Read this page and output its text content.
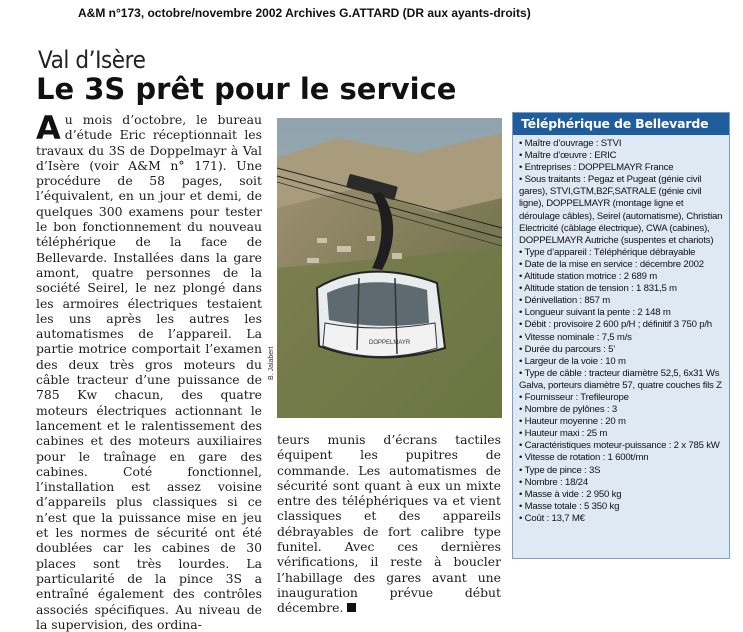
A&M n°173, octobre/novembre 2002 Archives G.ATTARD (DR aux ayants-droits)
Val d’Isère
Le 3S prêt pour le service
Au mois d’octobre, le bureau d’étude Eric réceptionnait les travaux du 3S de Doppelmayr à Val d’Isère (voir A&M n° 171). Une procédure de 58 pages, soit l’équivalent, en un jour et demi, de quelques 300 examens pour tester le bon fonctionnement du nouveau téléphérique de la face de Bellevarde. Installées dans la gare amont, quatre personnes de la société Seirel, le nez plongé dans les armoires électriques testaient les uns après les autres les automatismes de l’appareil. La partie motrice comportait l’examen des deux très gros moteurs du câble tracteur d’une puissance de 785 Kw chacun, des quatre moteurs électriques actionnant le lancement et le ralentissement des cabines et des moteurs auxiliaires pour le traînage en gare des cabines. Coté fonctionnel, l’installation est assez voisine d’appareils plus classiques si ce n’est que la puissance mise en jeu et les normes de sécurité ont été doublées car les cabines de 30 places sont très lourdes. La particularité de la pince 3S a entraîné également des contrôles associés spécifiques. Au niveau de la supervision, des ordina-
DOPPELMAYR
B. Jalabert
teurs munis d’écrans tactiles équipent les pupitres de commande. Les automatismes de sécurité sont quant à eux un mixte entre des téléphériques va et vient classiques et des appareils débrayables de fort calibre type funitel. Avec ces dernières vérifications, il reste à boucler l’habillage des gares avant une inauguration prévue début décembre.
Téléphérique de Bellevarde
• Maître d’ouvrage : STVI
• Maître d’œuvre : ERIC
• Entreprises : DOPPELMAYR France
• Sous traitants : Pegaz et Pugeat (génie civil gares), STVI,GTM,B2F,SATRALE (génie civil ligne), DOPPELMAYR (montage ligne et déroulage câbles), Seirel (automatisme), Christian Electricité (câblage électrique), CWA (cabines), DOPPELMAYR Autriche (suspentes et chariots)
• Type d’appareil : Téléphérique débrayable
• Date de la mise en service : décembre 2002
• Altitude station motrice : 2 689 m
• Altitude station de tension : 1 831,5 m
• Dénivellation : 857 m
• Longueur suivant la pente : 2 148 m
• Débit : provisoire 2 600 p/H ; définitif 3 750 p/h
• Vitesse nominale : 7,5 m/s
• Durée du parcours : 5’
• Largeur de la voie : 10 m
• Type de câble : tracteur diamètre 52,5, 6x31 Ws Galva, porteurs diamètre 57, quatre couches fils Z
• Fournisseur : Trefileurope
• Nombre de pylônes : 3
• Hauteur moyenne : 20 m
• Hauteur maxi : 25 m
• Caractéristiques moteur-puissance : 2 x 785 kW
• Vitesse de rotation : 1 600t/mn
• Type de pince : 3S
• Nombre : 18/24
• Masse à vide : 2 950 kg
• Masse totale : 5 350 kg
• Coût : 13,7 M€
